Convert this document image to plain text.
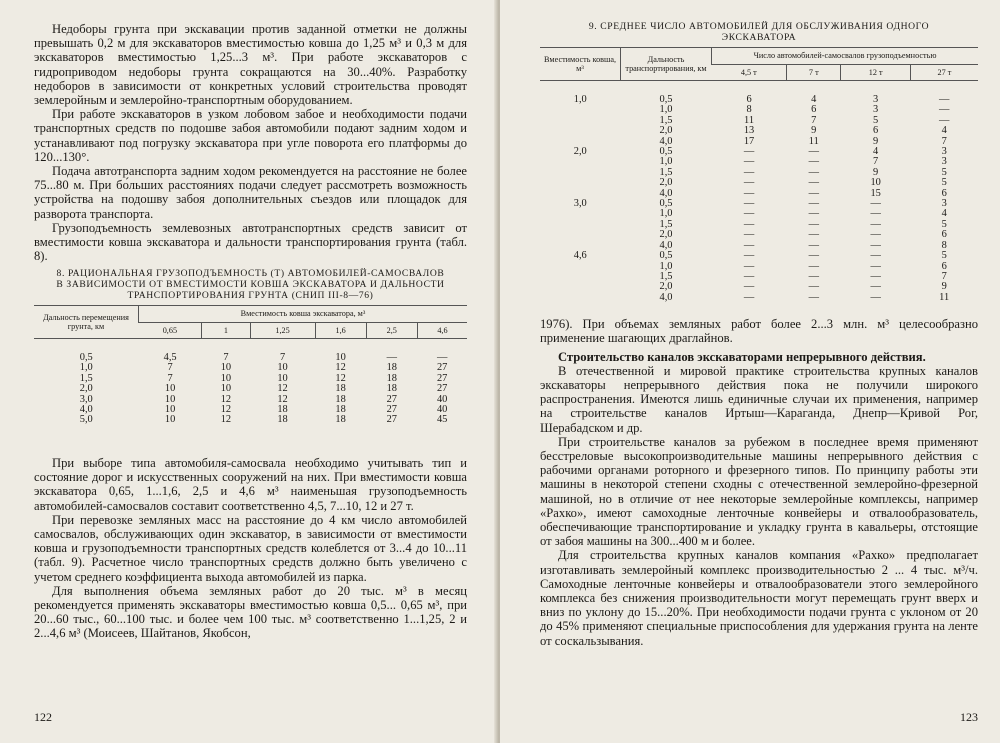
Недоборы грунта при экскавации против заданной отметки не должны превышать 0,2 м для экскаваторов вместимостью ковша до 1,25 м³ и 0,3 м для экскаваторов вместимостью 1,25...3 м³. При работе экскаваторов с гидроприводом недоборы грунта сокращаются на 30...40%. Разработку недоборов в зависимости от конкретных условий строительства проводят землеройным и землеройно-транспортным оборудованием.

При работе экскаваторов в узком лобовом забое и необходимости подачи транспортных средств по подошве забоя автомобили подают задним ходом и устанавливают под погрузку экскаватора при угле поворота его платформы до 120...130°.

Подача автотранспорта задним ходом рекомендуется на расстояние не более 75...80 м. При бо́льших расстояниях подачи следует рассмотреть возможность устройства на подошву забоя дополнительных съездов или площадок для разворота транспорта.

Грузоподъемность землевозных автотранспортных средств зависит от вместимости ковша экскаватора и дальности транспортирования грунта (табл. 8).

8. РАЦИОНАЛЬНАЯ ГРУЗОПОДЪЕМНОСТЬ (Т) АВТОМОБИЛЕЙ-САМОСВАЛОВ
В ЗАВИСИМОСТИ ОТ ВМЕСТИМОСТИ КОВША ЭКСКАВАТОРА И ДАЛЬНОСТИ
ТРАНСПОРТИРОВАНИЯ ГРУНТА (СНИП III-8—76)
Дальность перемещения грунта, км	Вместимость ковша экскаватора, м³					
	0,65	1	1,25	1,6	2,5	4,6
0,5	4,5	7	7	10	—	—
1,0	7	10	10	12	18	27
1,5	7	10	10	12	18	27
2,0	10	10	12	18	18	27
3,0	10	12	12	18	27	40
4,0	10	12	18	18	27	40
5,0	10	12	18	18	27	45

При выборе типа автомобиля-самосвала необходимо учитывать тип и состояние дорог и искусственных сооружений на них. При вместимости ковша экскаватора 0,65, 1...1,6, 2,5 и 4,6 м³ наименьшая грузоподъемность автомобилей-самосвалов составит соответственно 4,5, 7...10, 12 и 27 т.

При перевозке земляных масс на расстояние до 4 км число автомобилей самосвалов, обслуживающих один экскаватор, в зависимости от вместимости ковша и грузоподъемности транспортных средств колеблется от 3...4 до 10...11 (табл. 9). Расчетное число транспортных средств должно быть увеличено с учетом среднего коэффициента выхода автомобилей из парка.

Для выполнения объема земляных работ до 20 тыс. м³ в месяц рекомендуется применять экскаваторы вместимостью ковша 0,5... 0,65 м³, при 20...60 тыс., 60...100 тыс. и более чем 100 тыс. м³ соответственно 1...1,25, 2 и 2...4,6 м³ (Моисеев, Шайтанов, Якобсон,

122
9. СРЕДНЕЕ ЧИСЛО АВТОМОБИЛЕЙ ДЛЯ ОБСЛУЖИВАНИЯ ОДНОГО
ЭКСКАВАТОРА
Вместимость ковша, м³	Дальность транспортирования, км	Число автомобилей-самосвалов грузоподъемностью			
		4,5 т	7 т	12 т	27 т
1,0	0,5	6	4	3	—
	1,0	8	6	3	—
	1,5	11	7	5	—
	2,0	13	9	6	4
	4,0	17	11	9	7
2,0	0,5	—	—	4	3
	1,0	—	—	7	3
	1,5	—	—	9	5
	2,0	—	—	10	5
	4,0	—	—	15	6
3,0	0,5	—	—	—	3
	1,0	—	—	—	4
	1,5	—	—	—	5
	2,0	—	—	—	6
	4,0	—	—	—	8
4,6	0,5	—	—	—	5
	1,0	—	—	—	6
	1,5	—	—	—	7
	2,0	—	—	—	9
	4,0	—	—	—	11

1976). При объемах земляных работ более 2...3 млн. м³ целесообразно применение шагающих драглайнов.

Строительство каналов экскаваторами непрерывного действия.

В отечественной и мировой практике строительства крупных каналов экскаваторы непрерывного действия пока не получили широкого распространения. Имеются лишь единичные случаи их применения, например на строительстве каналов Иртыш—Караганда, Днепр—Кривой Рог, Шерабадском и др.

При строительстве каналов за рубежом в последнее время применяют бесстреловые высокопроизводительные машины непрерывного действия с рабочими органами роторного и фрезерного типов. По принципу работы эти машины в некоторой степени сходны с отечественной землеройно-фрезерной машиной, но в отличие от нее некоторые землеройные комплексы, например «Рахко», имеют самоходные ленточные конвейеры и отвалообразователь, обеспечивающие транспортирование и укладку грунта в кавальеры, отстоящие от забоя машины на 300...400 м и более.

Для строительства крупных каналов компания «Рахко» предполагает изготавливать землеройный комплекс производительностью 2 ... 4 тыс. м³/ч. Самоходные ленточные конвейеры и отвалообразователи этого землеройного комплекса без снижения производительности могут перемещать грунт вверх и вниз по уклону до 15...20%. При необходимости подачи грунта с уклоном от 20 до 45% применяют специальные приспособления для удержания грунта на ленте от соскальзывания.

123
